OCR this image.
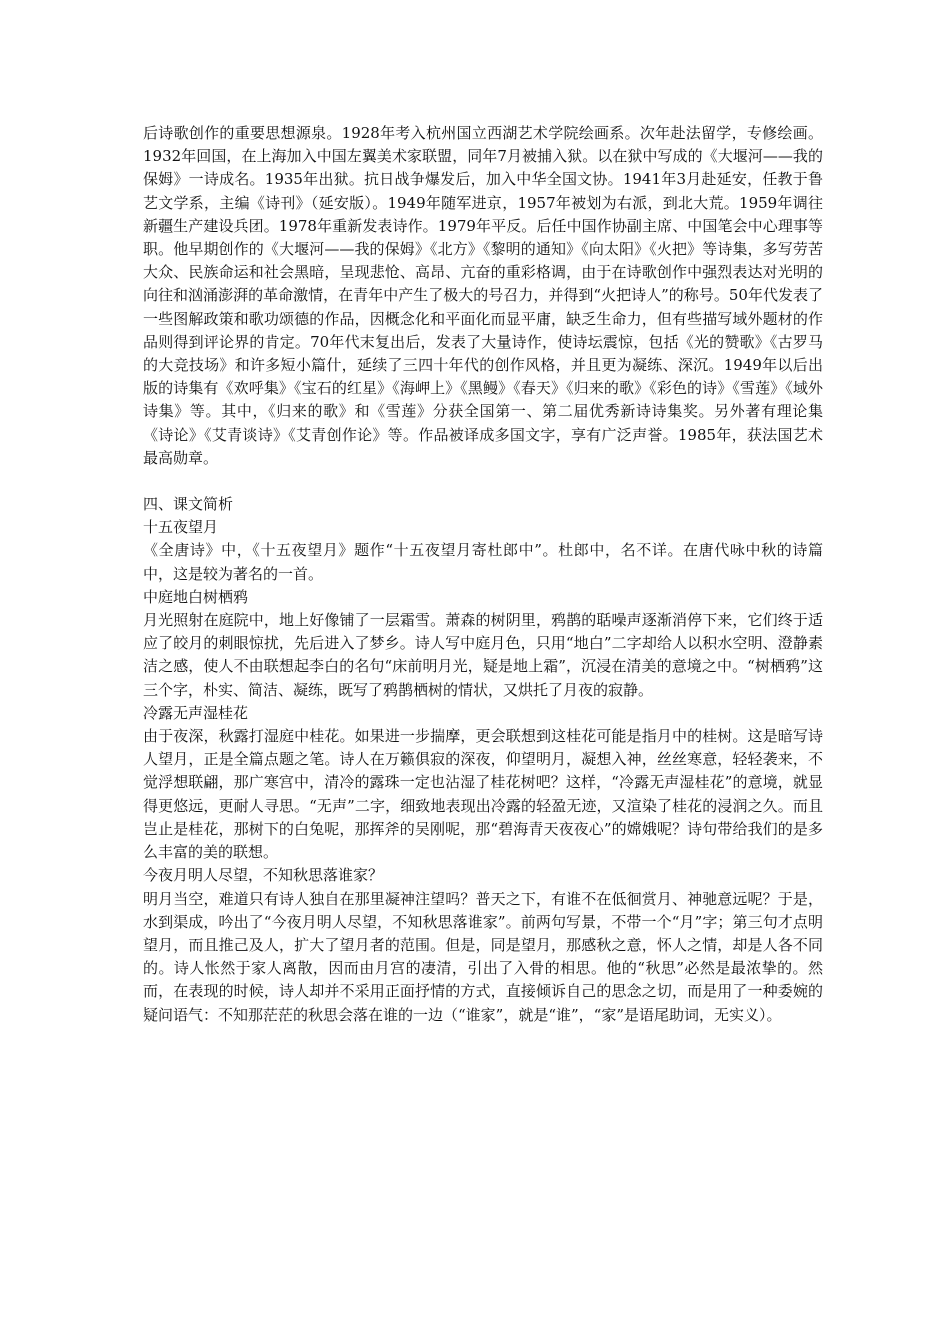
后诗歌创作的重要思想源泉。1928年考入杭州国立西湖艺术学院绘画系。次年赴法留学，专修绘画。1932年回国，在上海加入中国左翼美术家联盟，同年7月被捕入狱。以在狱中写成的《大堰河——我的保姆》一诗成名。1935年出狱。抗日战争爆发后，加入中华全国文协。1941年3月赴延安，任教于鲁艺文学系，主编《诗刊》（延安版）。1949年随军进京，1957年被划为右派，到北大荒。1959年调往新疆生产建设兵团。1978年重新发表诗作。1979年平反。后任中国作协副主席、中国笔会中心理事等职。他早期创作的《大堰河——我的保姆》《北方》《黎明的通知》《向太阳》《火把》等诗集，多写劳苦大众、民族命运和社会黑暗，呈现悲怆、高昂、亢奋的重彩格调，由于在诗歌创作中强烈表达对光明的向往和汹涌澎湃的革命激情，在青年中产生了极大的号召力，并得到“火把诗人”的称号。50年代发表了一些图解政策和歌功颂德的作品，因概念化和平面化而显平庸，缺乏生命力，但有些描写域外题材的作品则得到评论界的肯定。70年代末复出后，发表了大量诗作，使诗坛震惊，包括《光的赞歌》《古罗马的大竞技场》和许多短小篇什，延续了三四十年代的创作风格，并且更为凝练、深沉。1949年以后出版的诗集有《欢呼集》《宝石的红星》《海岬上》《黑鳗》《春天》《归来的歌》《彩色的诗》《雪莲》《域外诗集》等。其中，《归来的歌》和《雪莲》分获全国第一、第二届优秀新诗诗集奖。另外著有理论集《诗论》《艾青谈诗》《艾青创作论》等。作品被译成多国文字，享有广泛声誉。1985年，获法国艺术最高勋章。

四、课文简析

十五夜望月

《全唐诗》中，《十五夜望月》题作“十五夜望月寄杜郎中”。杜郎中，名不详。在唐代咏中秋的诗篇中，这是较为著名的一首。

中庭地白树栖鸦

月光照射在庭院中，地上好像铺了一层霜雪。萧森的树阴里，鸦鹊的聒噪声逐渐消停下来，它们终于适应了皎月的刺眼惊扰，先后进入了梦乡。诗人写中庭月色，只用“地白”二字却给人以积水空明、澄静素洁之感，使人不由联想起李白的名句“床前明月光，疑是地上霜”，沉浸在清美的意境之中。“树栖鸦”这三个字，朴实、简洁、凝练，既写了鸦鹊栖树的情状，又烘托了月夜的寂静。

冷露无声湿桂花

由于夜深，秋露打湿庭中桂花。如果进一步揣摩，更会联想到这桂花可能是指月中的桂树。这是暗写诗人望月，正是全篇点题之笔。诗人在万籁俱寂的深夜，仰望明月，凝想入神，丝丝寒意，轻轻袭来，不觉浮想联翩，那广寒宫中，清冷的露珠一定也沾湿了桂花树吧？这样，“冷露无声湿桂花”的意境，就显得更悠远，更耐人寻思。“无声”二字，细致地表现出冷露的轻盈无迹，又渲染了桂花的浸润之久。而且岂止是桂花，那树下的白兔呢，那挥斧的吴刚呢，那“碧海青天夜夜心”的嫦娥呢？诗句带给我们的是多么丰富的美的联想。

今夜月明人尽望，不知秋思落谁家？

明月当空，难道只有诗人独自在那里凝神注望吗？普天之下，有谁不在低徊赏月、神驰意远呢？于是，水到渠成，吟出了“今夜月明人尽望，不知秋思落谁家”。前两句写景，不带一个“月”字；第三句才点明望月，而且推己及人，扩大了望月者的范围。但是，同是望月，那感秋之意，怀人之情，却是人各不同的。诗人怅然于家人离散，因而由月宫的凄清，引出了入骨的相思。他的“秋思”必然是最浓挚的。然而，在表现的时候，诗人却并不采用正面抒情的方式，直接倾诉自己的思念之切，而是用了一种委婉的疑问语气：不知那茫茫的秋思会落在谁的一边（“谁家”，就是“谁”，“家”是语尾助词，无实义）。
